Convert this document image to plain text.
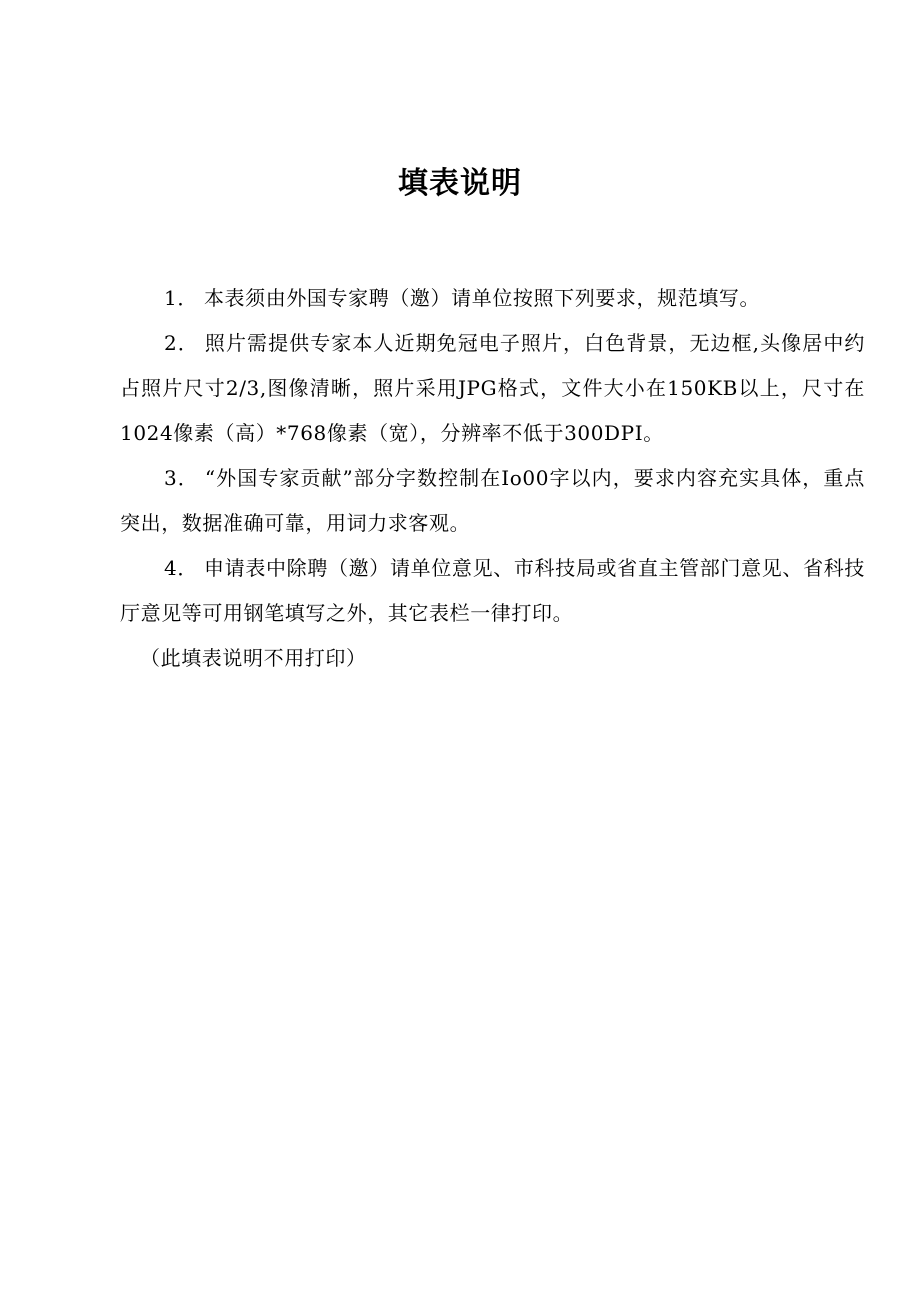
填表说明

1． 本表须由外国专家聘（邀）请单位按照下列要求，规范填写。

2． 照片需提供专家本人近期免冠电子照片，白色背景，无边框,头像居中约占照片尺寸2/3,图像清晰，照片采用JPG格式，文件大小在150KB以上，尺寸在1024像素（高）*768像素（宽），分辨率不低于300DPI。

3． “外国专家贡献”部分字数控制在Io00字以内，要求内容充实具体，重点突出，数据准确可靠，用词力求客观。

4． 申请表中除聘（邀）请单位意见、市科技局或省直主管部门意见、省科技厅意见等可用钢笔填写之外，其它表栏一律打印。

（此填表说明不用打印）
